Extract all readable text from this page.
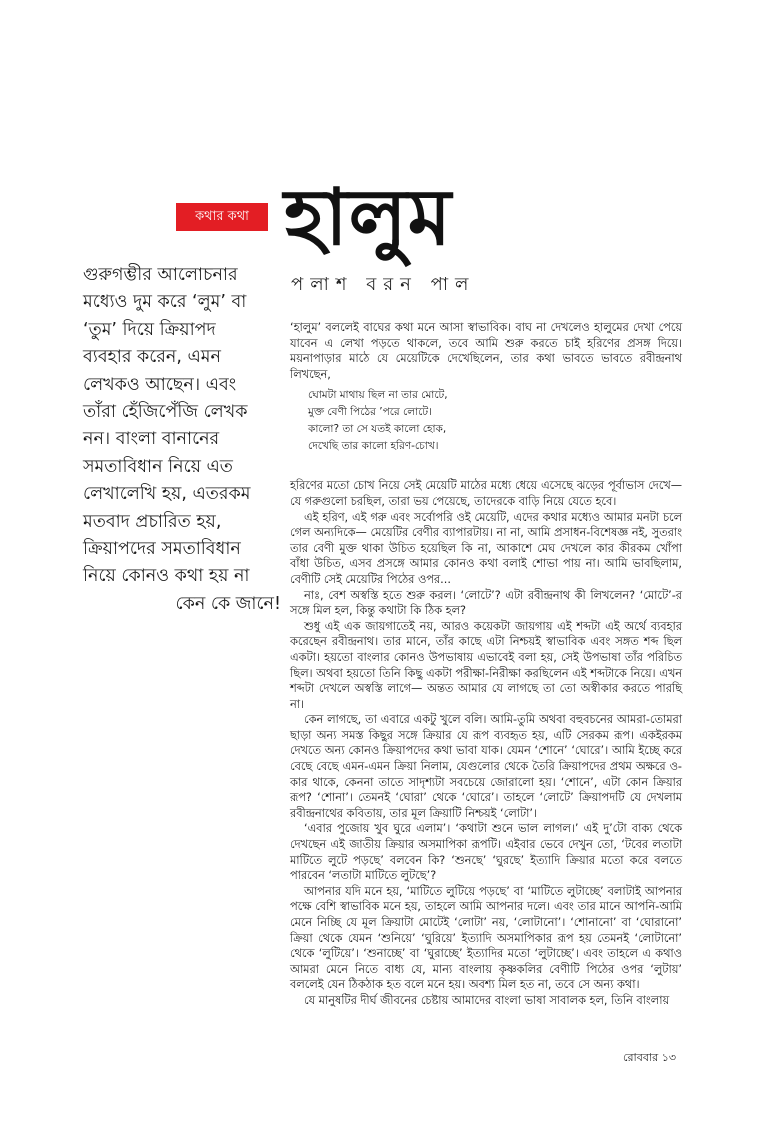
কথার কথা হালুম
পলাশ বরন পাল
গুরুগম্ভীর আলোচনার
মধ্যেও দুম করে ‘লুম’ বা
‘তুম’ দিয়ে ক্রিয়াপদ
ব্যবহার করেন, এমন
লেখকও আছেন। এবং
তাঁরা হেঁজিপেঁজি লেখক
নন। বাংলা বানানের
সমতাবিধান নিয়ে এত
লেখালেখি হয়, এতরকম
মতবাদ প্রচারিত হয়,
ক্রিয়াপদের সমতাবিধান
নিয়ে কোনও কথা হয় না
কেন কে জানে!

‘হালুম’ বললেই বাঘের কথা মনে আসা স্বাভাবিক। বাঘ না দেখলেও হালুমের দেখা পেয়ে যাবেন এ লেখা পড়তে থাকলে, তবে আমি শুরু করতে চাই হরিণের প্রসঙ্গ দিয়ে। ময়নাপাড়ার মাঠে যে মেয়েটিকে দেখেছিলেন, তার কথা ভাবতে ভাবতে রবীন্দ্রনাথ লিখছেন,

ঘোমটা মাথায় ছিল না তার মোটে,
মুক্ত বেণী পিঠের ’পরে লোটে।
কালো? তা সে যতই কালো হোক,
দেখেছি তার কালো হরিণ-চোখ।

হরিণের মতো চোখ নিয়ে সেই মেয়েটি মাঠের মধ্যে ধেয়ে এসেছে ঝড়ের পূর্বাভাস দেখে— যে গরুগুলো চরছিল, তারা ভয় পেয়েছে, তাদেরকে বাড়ি নিয়ে যেতে হবে।

এই হরিণ, এই গরু এবং সর্বোপরি ওই মেয়েটি, এদের কথার মধ্যেও আমার মনটা চলে গেল অন্যদিকে— মেয়েটির বেণীর ব্যাপারটায়। না না, আমি প্রসাধন-বিশেষজ্ঞ নই, সুতরাং তার বেণী মুক্ত থাকা উচিত হয়েছিল কি না, আকাশে মেঘ দেখলে কার কীরকম খোঁপা বাঁধা উচিত, এসব প্রসঙ্গে আমার কোনও কথা বলাই শোভা পায় না। আমি ভাবছিলাম, বেণীটি সেই মেয়েটির পিঠের ওপর...

নাঃ, বেশ অস্বস্তি হতে শুরু করল। ‘লোটে’? এটা রবীন্দ্রনাথ কী লিখলেন? ‘মোটে’-র সঙ্গে মিল হল, কিন্তু কথাটা কি ঠিক হল?

শুধু এই এক জায়গাতেই নয়, আরও কয়েকটা জায়গায় এই শব্দটা এই অর্থে ব্যবহার করেছেন রবীন্দ্রনাথ। তার মানে, তাঁর কাছে এটা নিশ্চয়ই স্বাভাবিক এবং সঙ্গত শব্দ ছিল একটা। হয়তো বাংলার কোনও উপভাষায় এভাবেই বলা হয়, সেই উপভাষা তাঁর পরিচিত ছিল। অথবা হয়তো তিনি কিছু একটা পরীক্ষা-নিরীক্ষা করছিলেন এই শব্দটাকে নিয়ে। এখন শব্দটা দেখলে অস্বস্তি লাগে— অন্তত আমার যে লাগছে তা তো অস্বীকার করতে পারছি না।

কেন লাগছে, তা এবারে একটু খুলে বলি। আমি-তুমি অথবা বহুবচনের আমরা-তোমরা ছাড়া অন্য সমস্ত কিছুর সঙ্গে ক্রিয়ার যে রূপ ব্যবহৃত হয়, এটি সেরকম রূপ। একইরকম দেখতে অন্য কোনও ক্রিয়াপদের কথা ভাবা যাক। যেমন ‘শোনে’ ‘ঘোরে’। আমি ইচ্ছে করে বেছে বেছে এমন-এমন ক্রিয়া নিলাম, যেগুলোর থেকে তৈরি ক্রিয়াপদের প্রথম অক্ষরে ও-কার থাকে, কেননা তাতে সাদৃশ্যটা সবচেয়ে জোরালো হয়। ‘শোনে’, এটা কোন ক্রিয়ার রূপ? ‘শোনা’। তেমনই ‘ঘোরা’ থেকে ‘ঘোরে’। তাহলে ‘লোটে’ ক্রিয়াপদটি যে দেখলাম রবীন্দ্রনাথের কবিতায়, তার মূল ক্রিয়াটি নিশ্চয়ই ‘লোটা’।

‘এবার পুজোয় খুব ঘুরে এলাম’। ‘কথাটা শুনে ভাল লাগল।’ এই দু’টো বাক্য থেকে দেখছেন এই জাতীয় ক্রিয়ার অসমাপিকা রূপটি। এইবার ভেবে দেখুন তো, ‘টবের লতাটা মাটিতে লুটে পড়ছে’ বলবেন কি? ‘শুনছে’ ‘ঘুরছে’ ইত্যাদি ক্রিয়ার মতো করে বলতে পারবেন ‘লতাটা মাটিতে লুটছে’?

আপনার যদি মনে হয়, ‘মাটিতে লুটিয়ে পড়ছে’ বা ‘মাটিতে লুটাচ্ছে’ বলাটাই আপনার পক্ষে বেশি স্বাভাবিক মনে হয়, তাহলে আমি আপনার দলে। এবং তার মানে আপনি-আমি মেনে নিচ্ছি যে মূল ক্রিয়াটা মোটেই ‘লোটা’ নয়, ‘লোটানো’। ‘শোনানো’ বা ‘ঘোরানো’ ক্রিয়া থেকে যেমন ‘শুনিয়ে’ ‘ঘুরিয়ে’ ইত্যাদি অসমাপিকার রূপ হয় তেমনই ‘লোটানো’ থেকে ‘লুটিয়ে’। ‘শুনাচ্ছে’ বা ‘ঘুরাচ্ছে’ ইত্যাদির মতো ‘লুটাচ্ছে’। এবং তাহলে এ কথাও আমরা মেনে নিতে বাধ্য যে, মান্য বাংলায় কৃষ্ণকলির বেণীটি পিঠের ওপর ‘লুটায়’ বললেই যেন ঠিকঠাক হত বলে মনে হয়। অবশ্য মিল হত না, তবে সে অন্য কথা।

যে মানুষটির দীর্ঘ জীবনের চেষ্টায় আমাদের বাংলা ভাষা সাবালক হল, তিনি বাংলায়

রোববার ১৩
